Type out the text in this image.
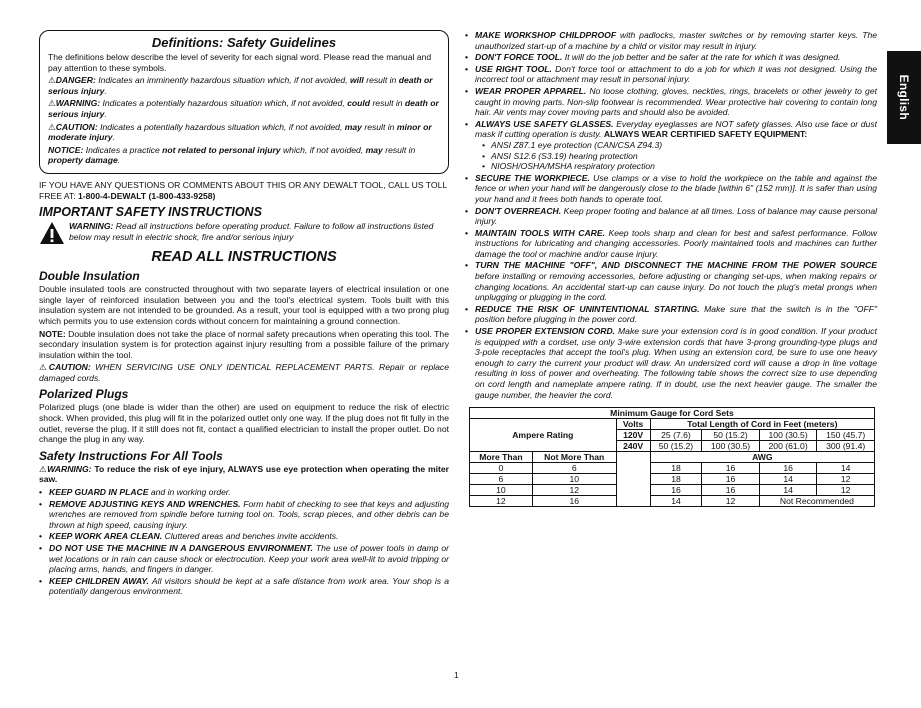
Definitions: Safety Guidelines

The definitions below describe the level of severity for each signal word. Please read the manual and pay attention to these symbols.

⚠DANGER: Indicates an imminently hazardous situation which, if not avoided, will result in death or serious injury.

⚠WARNING: Indicates a potentially hazardous situation which, if not avoided, could result in death or serious injury.

⚠CAUTION: Indicates a potentially hazardous situation which, if not avoided, may result in minor or moderate injury.

NOTICE: Indicates a practice not related to personal injury which, if not avoided, may result in property damage.

IF YOU HAVE ANY QUESTIONS OR COMMENTS ABOUT THIS OR ANY DEWALT TOOL, CALL US TOLL FREE AT: 1-800-4-DEWALT (1-800-433-9258)

IMPORTANT SAFETY INSTRUCTIONS
WARNING: Read all instructions before operating product. Failure to follow all instructions listed below may result in electric shock, fire and/or serious injury
READ ALL INSTRUCTIONS
Double Insulation

Double insulated tools are constructed throughout with two separate layers of electrical insulation or one single layer of reinforced insulation between you and the tool's electrical system. Tools built with this insulation system are not intended to be grounded. As a result, your tool is equipped with a two prong plug which permits you to use extension cords without concern for maintaining a ground connection.

NOTE: Double insulation does not take the place of normal safety precautions when operating this tool. The secondary insulation system is for protection against injury resulting from a possible failure of the primary insulation within the tool.

⚠CAUTION: WHEN SERVICING USE ONLY IDENTICAL REPLACEMENT PARTS. Repair or replace damaged cords.

Polarized Plugs

Polarized plugs (one blade is wider than the other) are used on equipment to reduce the risk of electric shock. When provided, this plug will fit in the polarized outlet only one way. If the plug does not fit fully in the outlet, reverse the plug. If it still does not fit, contact a qualified electrician to install the proper outlet. Do not change the plug in any way.

Safety Instructions For All Tools

⚠WARNING: To reduce the risk of eye injury, ALWAYS use eye protection when operating the miter saw.

• KEEP GUARD IN PLACE and in working order.
• REMOVE ADJUSTING KEYS AND WRENCHES. Form habit of checking to see that keys and adjusting wrenches are removed from spindle before turning tool on. Tools, scrap pieces, and other debris can be thrown at high speed, causing injury.
• KEEP WORK AREA CLEAN. Cluttered areas and benches invite accidents.
• DO NOT USE THE MACHINE IN A DANGEROUS ENVIRONMENT. The use of power tools in damp or wet locations or in rain can cause shock or electrocution. Keep your work area well-lit to avoid tripping or placing arms, hands, and fingers in danger.
• KEEP CHILDREN AWAY. All visitors should be kept at a safe distance from work area. Your shop is a potentially dangerous environment.
• MAKE WORKSHOP CHILDPROOF with padlocks, master switches or by removing starter keys. The unauthorized start-up of a machine by a child or visitor may result in injury.
• DON'T FORCE TOOL. It will do the job better and be safer at the rate for which it was designed.
• USE RIGHT TOOL. Don't force tool or attachment to do a job for which it was not designed. Using the incorrect tool or attachment may result in personal injury.
• WEAR PROPER APPAREL. No loose clothing, gloves, neckties, rings, bracelets or other jewelry to get caught in moving parts. Non-slip footwear is recommended. Wear protective hair covering to contain long hair. Air vents may cover moving parts and should also be avoided.
• ALWAYS USE SAFETY GLASSES. Everyday eyeglasses are NOT safety glasses. Also use face or dust mask if cutting operation is dusty. ALWAYS WEAR CERTIFIED SAFETY EQUIPMENT:
• ANSI Z87.1 eye protection (CAN/CSA Z94.3)
• ANSI S12.6 (S3.19) hearing protection
• NIOSH/OSHA/MSHA respiratory protection
• SECURE THE WORKPIECE. Use clamps or a vise to hold the workpiece on the table and against the fence or when your hand will be dangerously close to the blade [within 6" (152 mm)]. It is safer than using your hand and it frees both hands to operate tool.
• DON'T OVERREACH. Keep proper footing and balance at all times. Loss of balance may cause personal injury.
• MAINTAIN TOOLS WITH CARE. Keep tools sharp and clean for best and safest performance. Follow instructions for lubricating and changing accessories. Poorly maintained tools and machines can further damage the tool or machine and/or cause injury.
• TURN THE MACHINE "OFF", AND DISCONNECT THE MACHINE FROM THE POWER SOURCE before installing or removing accessories, before adjusting or changing set-ups, when making repairs or changing locations. An accidental start-up can cause injury. Do not touch the plug's metal prongs when unplugging or plugging in the cord.
• REDUCE THE RISK OF UNINTENTIONAL STARTING. Make sure that the switch is in the "OFF" position before plugging in the power cord.
• USE PROPER EXTENSION CORD. Make sure your extension cord is in good condition. If your product is equipped with a cordset, use only 3-wire extension cords that have 3-prong grounding-type plugs and 3-pole receptacles that accept the tool's plug. When using an extension cord, be sure to use one heavy enough to carry the current your product will draw. An undersized cord will cause a drop in line voltage resulting in loss of power and overheating. The following table shows the correct size to use depending on cord length and nameplate ampere rating. If in doubt, use the next heavier gauge. The smaller the gauge number, the heavier the cord.
Minimum Gauge for Cord Sets						
Ampere Rating		Volts	Total Length of Cord in Feet (meters)			
		120V	25 (7.6)	50 (15.2)	100 (30.5)	150 (45.7)
		240V	50 (15.2)	100 (30.5)	200 (61.0)	300 (91.4)
More Than	Not More Than		AWG			
0	6		18	16	16	14
6	10		18	16	14	12
10	12		16	16	14	12
12	16		14	12	Not Recommended	
English
1
